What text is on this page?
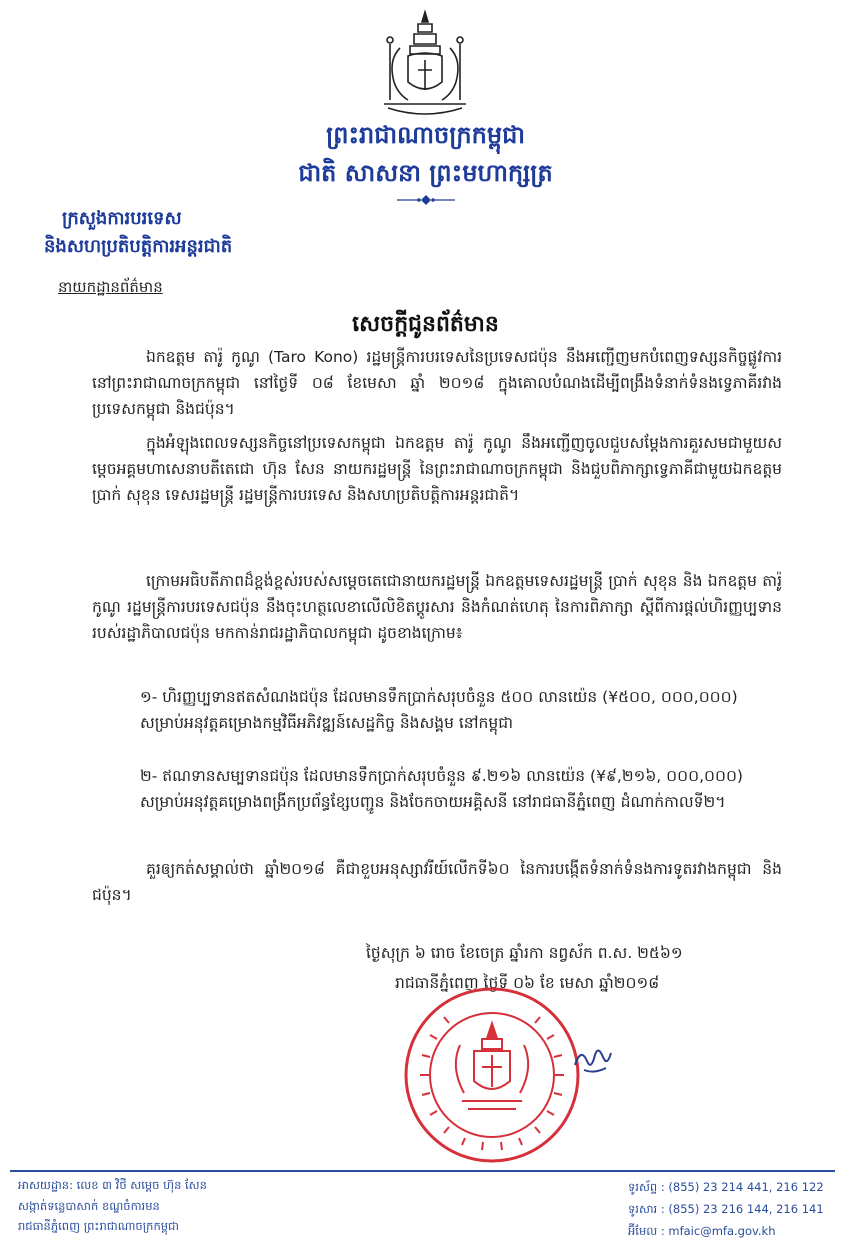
ព្រះរាជាណាចក្រកម្ពុជា
ជាតិ សាសនា ព្រះមហាក្សត្រ
ក្រសួងការបរទេស
និងសហប្រតិបត្តិការអន្តរជាតិ
នាយកដ្ឋានព័ត៌មាន
សេចក្តីជូនព័ត៌មាន
ឯកឧត្តម តារ៉ូ កូណូ (Taro Kono) រដ្ឋមន្ត្រីការបរទេសនៃប្រទេសជប៉ុន នឹងអញ្ជើញមកបំពេញទស្សនកិច្ចផ្លូវការ នៅព្រះរាជាណាចក្រកម្ពុជា នៅថ្ងៃទី ០៨ ខែមេសា ឆ្នាំ ២០១៨ ក្នុងគោលបំណងដើម្បីពង្រឹងទំនាក់ទំនងទ្វេភាគីរវាងប្រទេសកម្ពុជា និងជប៉ុន។
ក្នុងអំឡុងពេលទស្សនកិច្ចនៅប្រទេសកម្ពុជា ឯកឧត្តម តារ៉ូ កូណូ នឹងអញ្ជើញចូលជួបសម្តែងការគួរសមជាមួយសម្តេចអគ្គមហាសេនាបតីតេជោ ហ៊ុន សែន នាយករដ្ឋមន្ត្រី នៃព្រះរាជាណាចក្រកម្ពុជា និងជួបពិភាក្សាទ្វេភាគីជាមួយឯកឧត្តម ប្រាក់ សុខុន ទេសរដ្ឋមន្ត្រី រដ្ឋមន្ត្រីការបរទេស និងសហប្រតិបត្តិការអន្តរជាតិ។
ក្រោមអធិបតីភាពដ៏ខ្ពង់ខ្ពស់របស់សម្តេចតេជោនាយករដ្ឋមន្ត្រី ឯកឧត្តមទេសរដ្ឋមន្ត្រី ប្រាក់ សុខុន និង ឯកឧត្តម តារ៉ូ កូណូ រដ្ឋមន្ត្រីការបរទេសជប៉ុន នឹងចុះហត្ថលេខាលើលិខិតប្តូរសារ និងកំណត់ហេតុ នៃការពិភាក្សា ស្តីពីការផ្តល់ហិរញ្ញប្បទានរបស់រដ្ឋាភិបាលជប៉ុន មកកាន់រាជរដ្ឋាភិបាលកម្ពុជា ដូចខាងក្រោម៖
១- ហិរញ្ញប្បទានឥតសំណងជប៉ុន ដែលមានទឹកប្រាក់សរុបចំនួន ៥០០ លានយ៉េន (¥៥០០, ០០០,០០០) សម្រាប់អនុវត្តគម្រោងកម្មវិធីអភិវឌ្ឍន៍សេដ្ឋកិច្ច និងសង្គម នៅកម្ពុជា
២- ឥណទានសម្បទានជប៉ុន ដែលមានទឹកប្រាក់សរុបចំនួន ៩.២១៦ លានយ៉េន (¥៩,២១៦, ០០០,០០០) សម្រាប់អនុវត្តគម្រោងពង្រីកប្រព័ន្ធខ្សែបញ្ជូន និងចែកចាយអគ្គិសនី នៅរាជធានីភ្នំពេញ ដំណាក់កាលទី២។
គួរឲ្យកត់សម្គាល់ថា ឆ្នាំ២០១៨ គឺជាខួបអនុស្សាវរីយ៍លើកទី៦០ នៃការបង្កើតទំនាក់ទំនងការទូតរវាងកម្ពុជា និងជប៉ុន។
ថ្ងៃសុក្រ ៦ រោច ខែចេត្រ ឆ្នាំរកា នព្វស័ក ព.ស. ២៥៦១
រាជធានីភ្នំពេញ ថ្ងៃទី ០៦ ខែ មេសា ឆ្នាំ២០១៨
អាសយដ្ឋាន: លេខ ៣ វិថី សម្តេច ហ៊ុន សែន
សង្កាត់ទន្លេបាសាក់ ខណ្ឌចំការមន
រាជធានីភ្នំពេញ ព្រះរាជាណាចក្រកម្ពុជា
ទូរស័ព្ទ : (855) 23 214 441, 216 122
ទូរសារ : (855) 23 216 144, 216 141
អ៊ីមែល : mfaic@mfa.gov.kh
